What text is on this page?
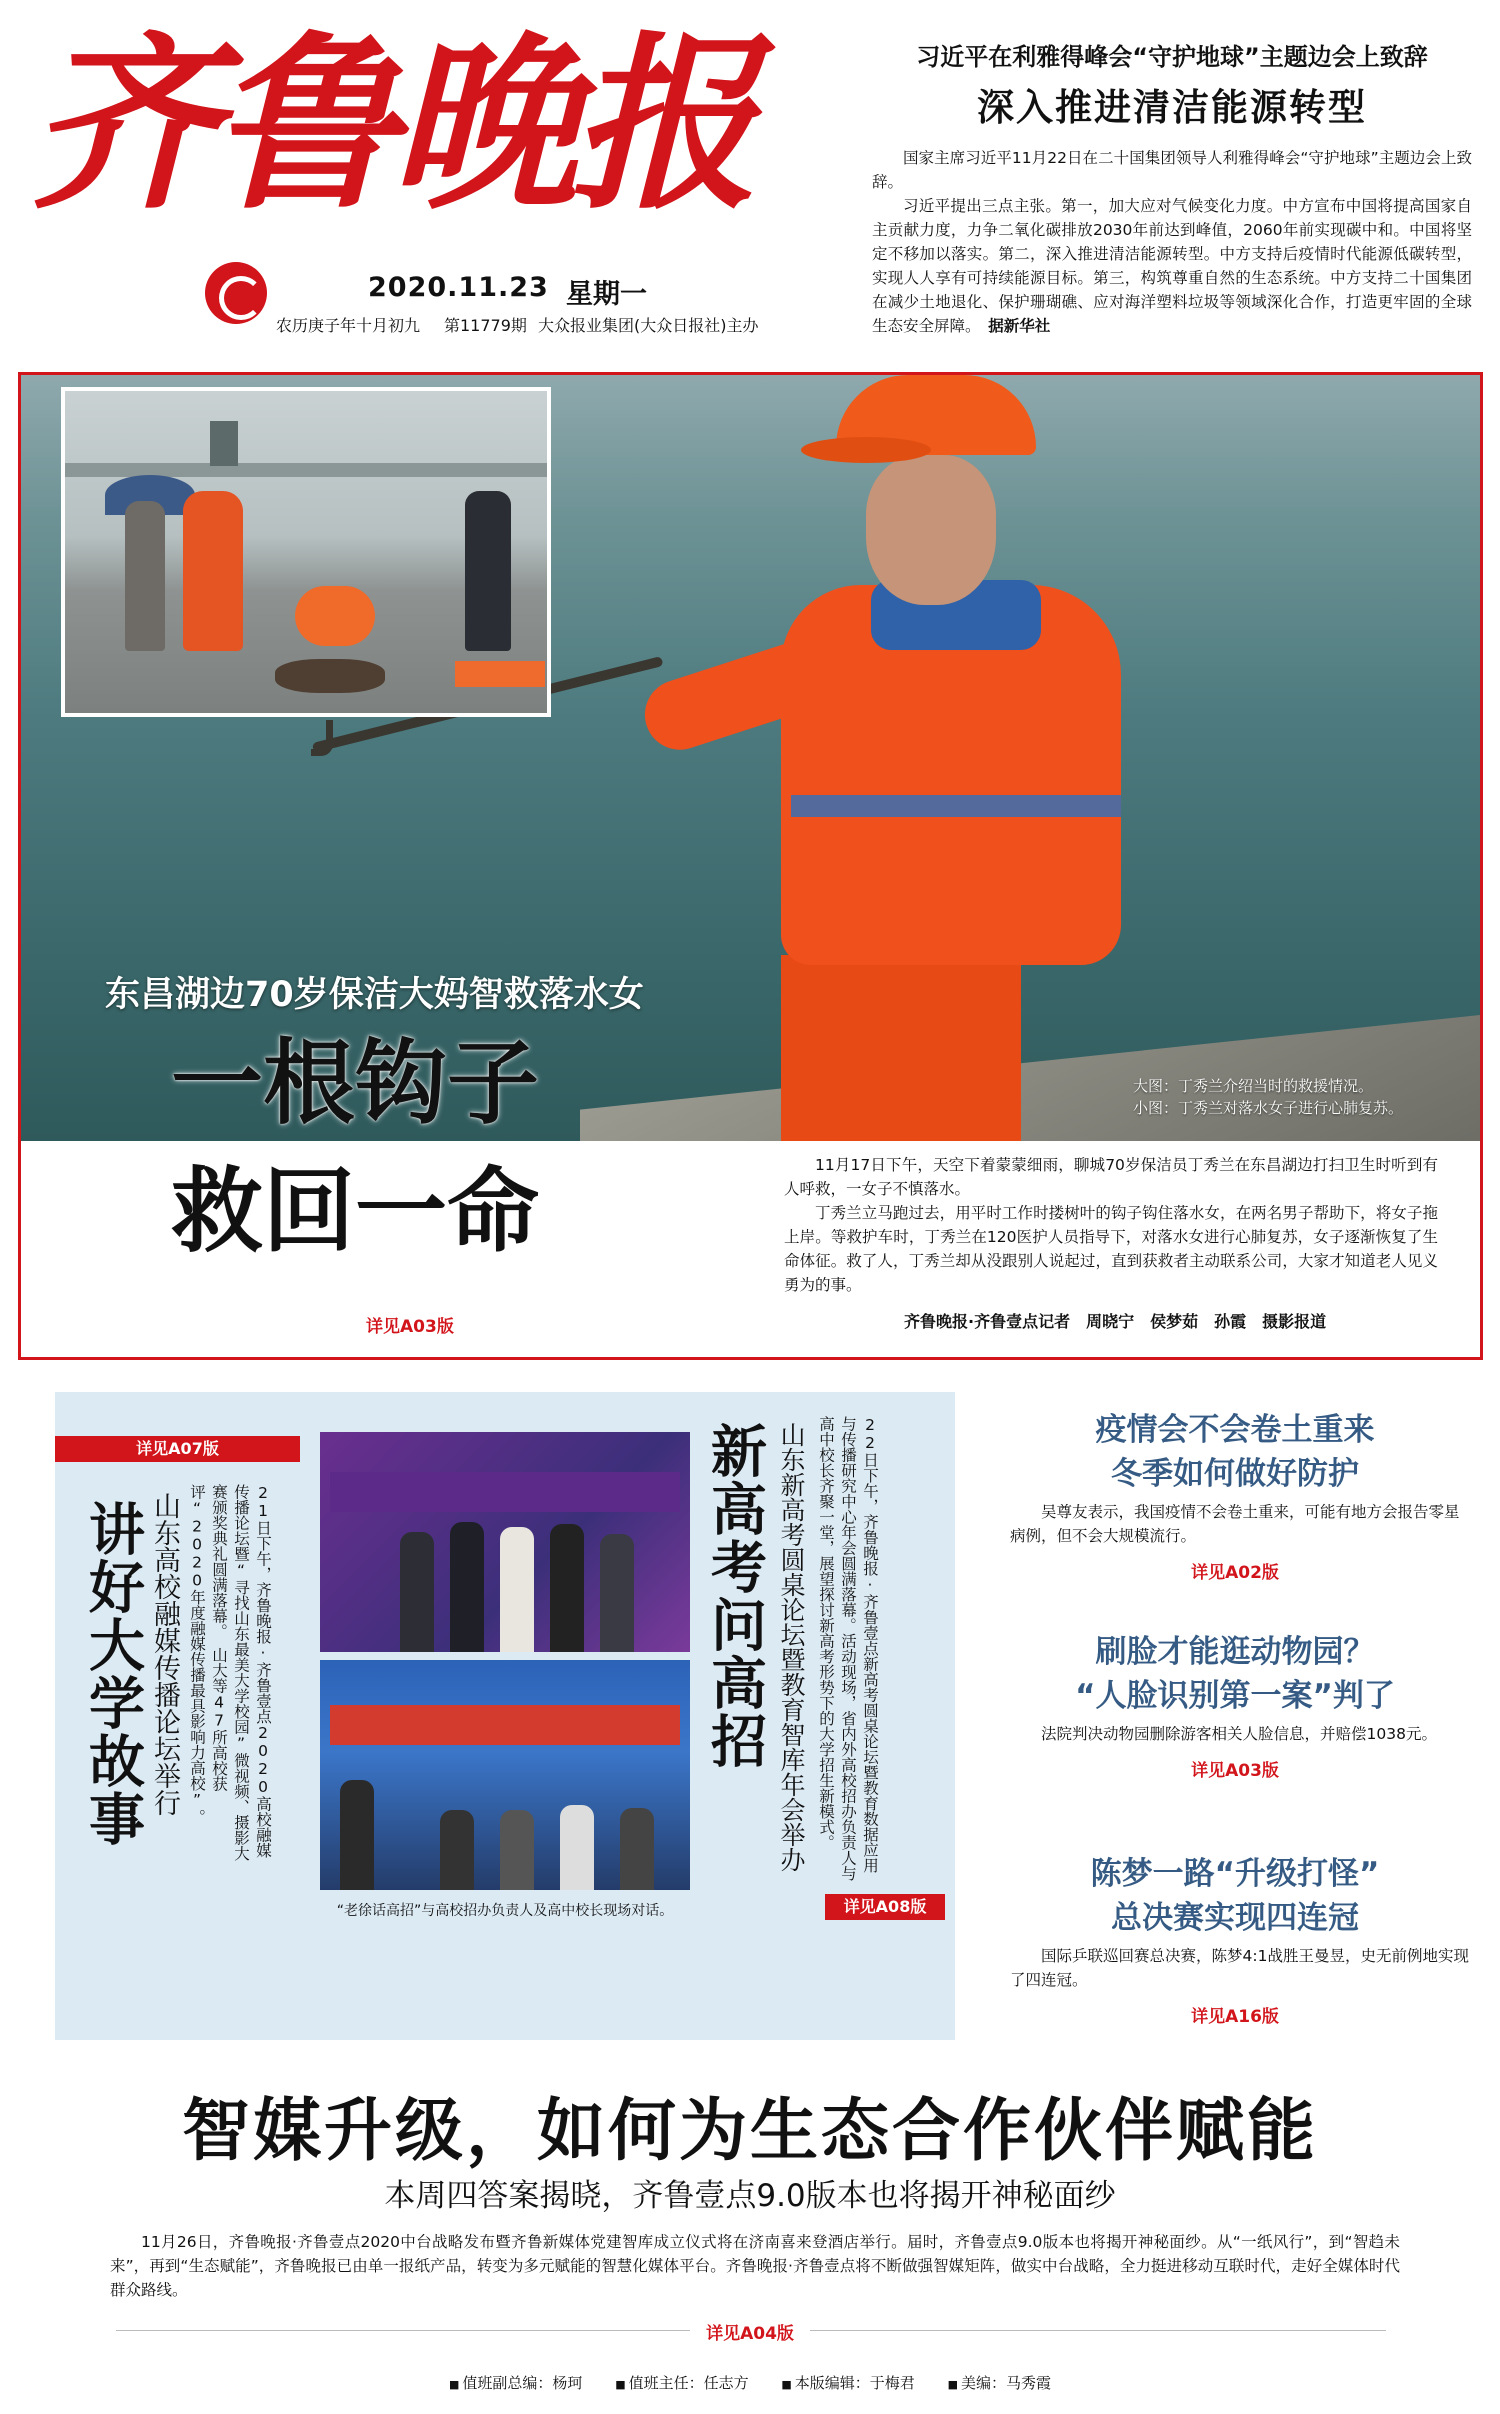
齐鲁晚报
2020.11.23 星期一
农历庚子年十月初九 第11779期 大众报业集团(大众日报社)主办
习近平在利雅得峰会“守护地球”主题边会上致辞
深入推进清洁能源转型

国家主席习近平11月22日在二十国集团领导人利雅得峰会“守护地球”主题边会上致辞。

习近平提出三点主张。第一，加大应对气候变化力度。中方宣布中国将提高国家自主贡献力度，力争二氧化碳排放2030年前达到峰值，2060年前实现碳中和。中国将坚定不移加以落实。第二，深入推进清洁能源转型。中方支持后疫情时代能源低碳转型，实现人人享有可持续能源目标。第三，构筑尊重自然的生态系统。中方支持二十国集团在减少土地退化、保护珊瑚礁、应对海洋塑料垃圾等领域深化合作，打造更牢固的全球生态安全屏障。　 据新华社

东昌湖边70岁保洁大妈智救落水女
大图：丁秀兰介绍当时的救援情况。
小图：丁秀兰对落水女子进行心肺复苏。
一根钩子
救回一命
详见A03版

11月17日下午，天空下着蒙蒙细雨，聊城70岁保洁员丁秀兰在东昌湖边打扫卫生时听到有人呼救，一女子不慎落水。

丁秀兰立马跑过去，用平时工作时搂树叶的钩子钩住落水女，在两名男子帮助下，将女子拖上岸。等救护车时，丁秀兰在120医护人员指导下，对落水女进行心肺复苏，女子逐渐恢复了生命体征。救了人，丁秀兰却从没跟别人说起过，直到获救者主动联系公司，大家才知道老人见义勇为的事。

齐鲁晚报·齐鲁壹点记者　周晓宁　侯梦茹　孙霞　摄影报道
详见A07版
讲好大学故事 山东高校融媒传播论坛举行	21日下午，齐鲁晚报·齐鲁壹点2020高校融媒传播论坛暨“寻找山东最美大学校园”微视频、摄影大赛颁奖典礼圆满落幕。　山大等47所高校获评“2020年度融媒传播最具影响力高校”。
“老徐话高招”与高校招办负责人及高中校长现场对话。
新高考问高招 山东新高考圆桌论坛暨教育智库年会举办	22日下午，齐鲁晚报·齐鲁壹点新高考圆桌论坛暨教育数据应用与传播研究中心年会圆满落幕。活动现场，省内外高校招办负责人与高中校长齐聚一堂，展望探讨新高考形势下的大学招生新模式。
详见A08版
疫情会不会卷土重来
冬季如何做好防护
吴尊友表示，我国疫情不会卷土重来，可能有地方会报告零星病例，但不会大规模流行。
详见A02版
刷脸才能逛动物园？
“人脸识别第一案”判了
法院判决动物园删除游客相关人脸信息，并赔偿1038元。
详见A03版
陈梦一路“升级打怪”
总决赛实现四连冠
国际乒联巡回赛总决赛，陈梦4:1战胜王曼昱，史无前例地实现了四连冠。
详见A16版
智媒升级，如何为生态合作伙伴赋能
本周四答案揭晓，齐鲁壹点9.0版本也将揭开神秘面纱
11月26日，齐鲁晚报·齐鲁壹点2020中台战略发布暨齐鲁新媒体党建智库成立仪式将在济南喜来登酒店举行。届时，齐鲁壹点9.0版本也将揭开神秘面纱。从“一纸风行”，到“智趋未来”，再到“生态赋能”，齐鲁晚报已由单一报纸产品，转变为多元赋能的智慧化媒体平台。齐鲁晚报·齐鲁壹点将不断做强智媒矩阵，做实中台战略，全力挺进移动互联时代，走好全媒体时代群众路线。
详见A04版
■ 值班副总编：杨珂	■ 值班主任：任志方	■ 本版编辑：于梅君	■ 美编：马秀霞
